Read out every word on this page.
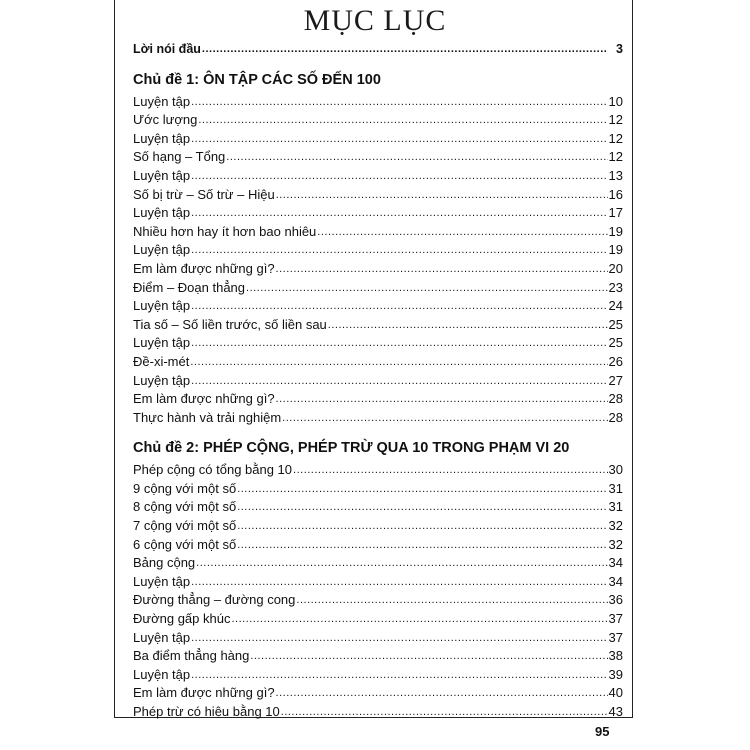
MỤC LỤC
Lời nói đầu .....	3
Chủ đề 1: ÔN TẬP CÁC SỐ ĐẾN 100
Luyện tập .....	10
Ước lượng .....	12
Luyện tập .....	12
Số hạng – Tổng .....	12
Luyện tập .....	13
Số bị trừ – Số trừ – Hiệu .....	16
Luyện tập .....	17
Nhiều hơn hay ít hơn bao nhiêu .....	19
Luyện tập .....	19
Em làm được những gì? .....	20
Điểm – Đoạn thẳng .....	23
Luyện tập .....	24
Tia số – Số liền trước, số liền sau .....	25
Luyện tập .....	25
Đề-xi-mét .....	26
Luyện tập .....	27
Em làm được những gì? .....	28
Thực hành và trải nghiệm .....	28
Chủ đề 2: PHÉP CỘNG, PHÉP TRỪ QUA 10 TRONG PHẠM VI 20
Phép cộng có tổng bằng 10 .....	30
9 cộng với một số .....	31
8 cộng với một số .....	31
7 cộng với một số .....	32
6 cộng với một số .....	32
Bảng cộng .....	34
Luyện tập .....	34
Đường thẳng – đường cong .....	36
Đường gấp khúc .....	37
Luyện tập .....	37
Ba điểm thẳng hàng .....	38
Luyện tập .....	39
Em làm được những gì? .....	40
Phép trừ có hiệu bằng 10 .....	43
95
